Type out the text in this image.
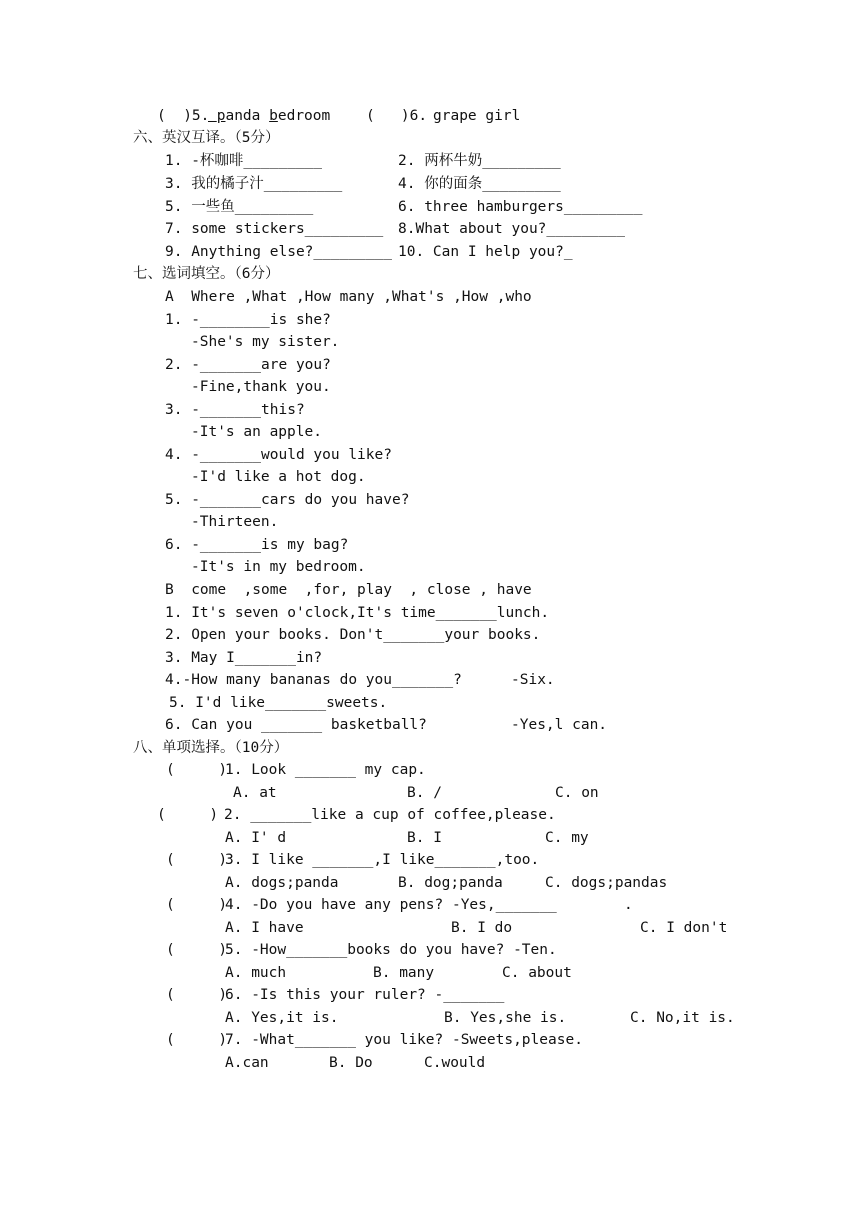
(  )5. panda bedroom (   )6. grape girl
六、英汉互译。（5分）
1. -杯咖啡_________	2. 两杯牛奶_________
3. 我的橘子汁_________	4. 你的面条_________
5. 一些鱼_________	6. three hamburgers_________
7. some stickers_________ 8.What about you?_________
9. Anything else?_________ 10. Can I help you?_
七、选词填空。（6分）
A  Where ,What ,How many ,What's ,How ,who
1. -________is she?
-She's my sister.
2. -_______are you?
-Fine,thank you.
3. -_______this?
-It's an apple.
4. -_______would you like?
-I'd like a hot dog.
5. -_______cars do you have?
-Thirteen.
6. -_______is my bag?
-It's in my bedroom.
B  come  ,some  ,for, play  , close , have
1. It's seven o'clock,It's time_______lunch.
2. Open your books. Don't_______your books.
3. May I_______in?
4.-How many bananas do you_______?	-Six.
5. I'd like_______sweets.
6. Can you _______ basketball?	-Yes,l can.
八、单项选择。（10分）
(     )
1. Look _______ my cap.
A. at	B. /	C. on
(     ) 2. _______like a cup of coffee,please.
A. I' d	B. I	C. my
(     )
3. I like _______,I like_______,too.
A. dogs;panda	B. dog;panda	C. dogs;pandas
(     )
4. -Do you have any pens? -Yes,_______	.
A. I have	B. I do	C. I don't
(     )
5. -How_______books do you have? -Ten.
A. much	B. many	C. about
(     )
6. -Is this your ruler? -_______
A. Yes,it is.	B. Yes,she is.	C. No,it is.
(     )
7. -What_______ you like? -Sweets,please.
A.can	B. Do	C.would
